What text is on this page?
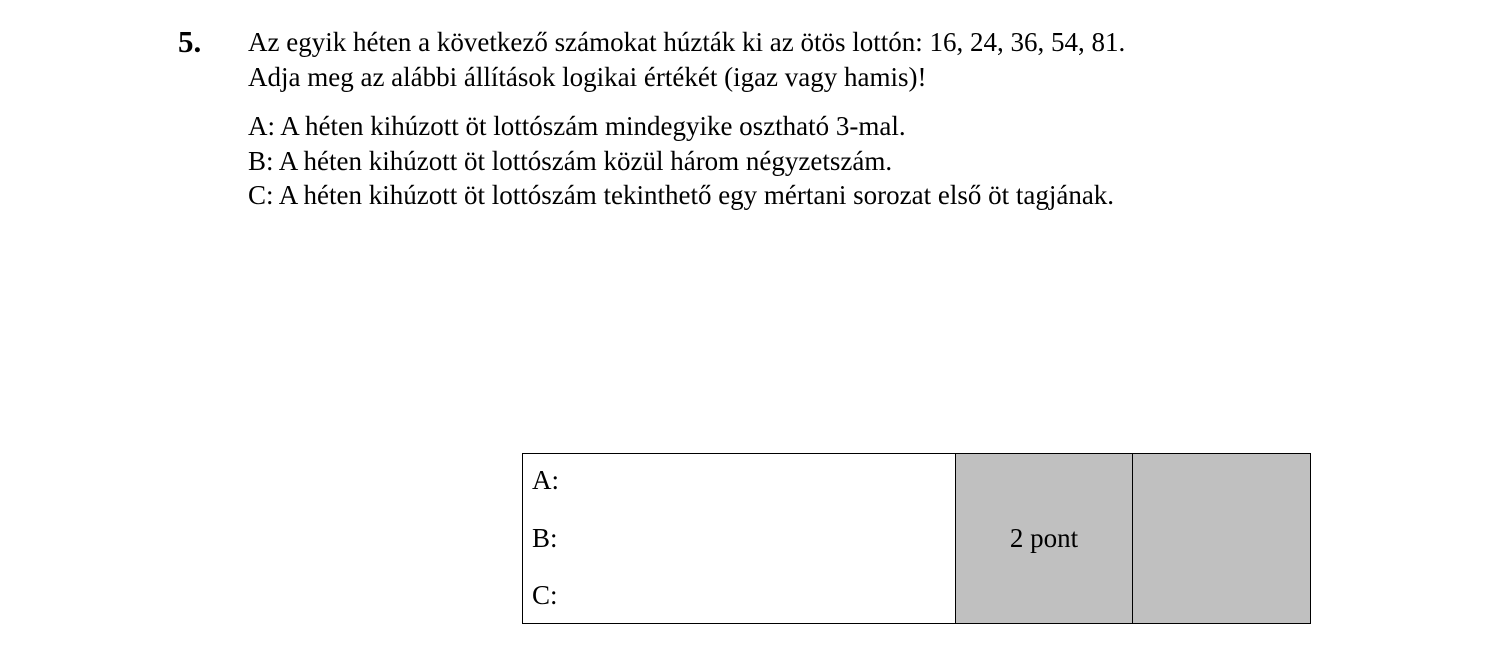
5. Az egyik héten a következő számokat húzták ki az ötös lottón: 16, 24, 36, 54, 81.
Adja meg az alábbi állítások logikai értékét (igaz vagy hamis)!
A: A héten kihúzott öt lottószám mindegyike osztható 3-mal.
B: A héten kihúzott öt lottószám közül három négyzetszám.
C: A héten kihúzott öt lottószám tekinthető egy mértani sorozat első öt tagjának.
A:
B:
C:
2 pont
